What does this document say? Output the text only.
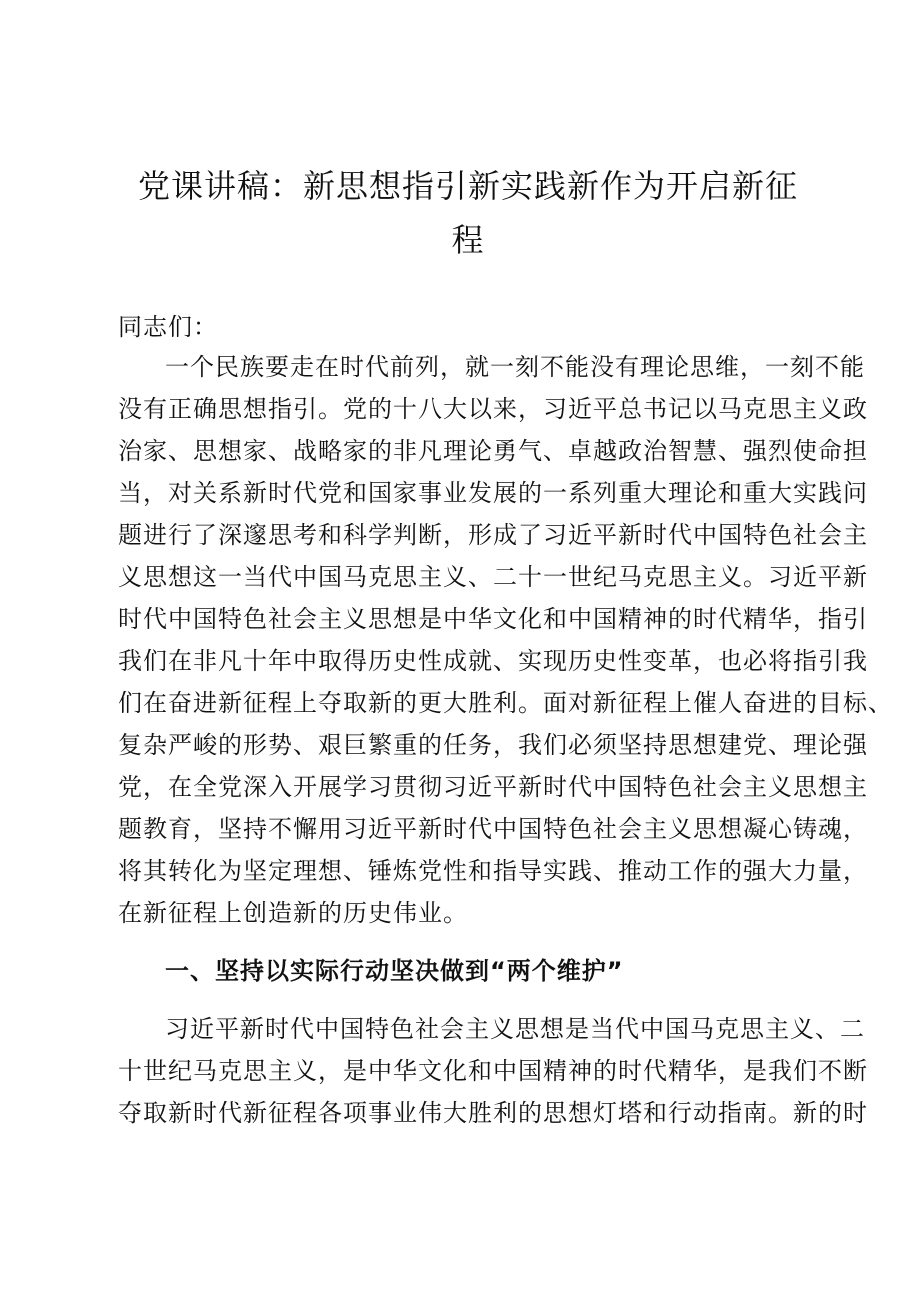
党课讲稿：新思想指引新实践新作为开启新征
程

同志们：

一个民族要走在时代前列，就一刻不能没有理论思维，一刻不能

没有正确思想指引。党的十八大以来，习近平总书记以马克思主义政

治家、思想家、战略家的非凡理论勇气、卓越政治智慧、强烈使命担

当，对关系新时代党和国家事业发展的一系列重大理论和重大实践问

题进行了深邃思考和科学判断，形成了习近平新时代中国特色社会主

义思想这一当代中国马克思主义、二十一世纪马克思主义。习近平新

时代中国特色社会主义思想是中华文化和中国精神的时代精华，指引

我们在非凡十年中取得历史性成就、实现历史性变革，也必将指引我

们在奋进新征程上夺取新的更大胜利。面对新征程上催人奋进的目标、

复杂严峻的形势、艰巨繁重的任务，我们必须坚持思想建党、理论强

党，在全党深入开展学习贯彻习近平新时代中国特色社会主义思想主

题教育，坚持不懈用习近平新时代中国特色社会主义思想凝心铸魂，

将其转化为坚定理想、锤炼党性和指导实践、推动工作的强大力量，

在新征程上创造新的历史伟业。

一、坚持以实际行动坚决做到“两个维护”

习近平新时代中国特色社会主义思想是当代中国马克思主义、二

十世纪马克思主义，是中华文化和中国精神的时代精华，是我们不断

夺取新时代新征程各项事业伟大胜利的思想灯塔和行动指南。新的时
